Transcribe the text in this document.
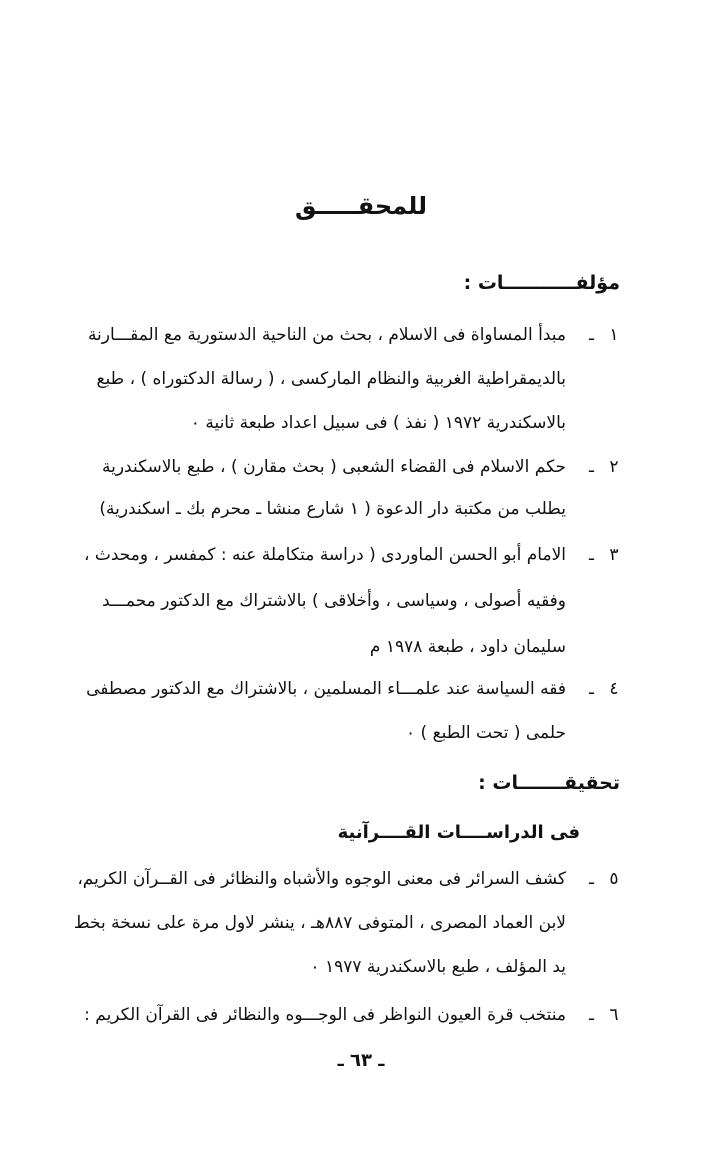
للمحقـــــق
مؤلفـــــــــــات :
١
ـ
مبدأ المساواة فى الاسلام ، بحث من الناحية الدستورية مع المقـــارنة
بالديمقراطية الغربية والنظام الماركسى ، ( رسالة الدكتوراه ) ، طبع
بالاسكندرية ١٩٧٢ ( نفذ ) فى سبيل اعداد طبعة ثانية ٠
٢
ـ
حكم الاسلام فى القضاء الشعبى ( بحث مقارن ) ، طبع بالاسكندرية
يطلب من مكتبة دار الدعوة ( ١ شارع منشا ـ محرم بك ـ اسكندرية)
٣
ـ
الامام أبو الحسن الماوردى ( دراسة متكاملة عنه : كمفسر ، ومحدث ،
وفقيه أصولى ، وسياسى ، وأخلاقى ) بالاشتراك مع الدكتور محمـــد
سليمان داود ، طبعة ١٩٧٨ م
٤
ـ
فقه السياسة عند علمـــاء المسلمين ، بالاشتراك مع الدكتور مصطفى
حلمى ( تحت الطبع ) ٠
تحقيقـــــــات :
فى الدراســــات القــــرآنية
٥
ـ
كشف السرائر فى معنى الوجوه والأشباه والنظائر فى القــرآن الكريم،
لابن العماد المصرى ، المتوفى ٨٨٧هـ ، ينشر لاول مرة على نسخة بخط
يد المؤلف ، طبع بالاسكندرية ١٩٧٧ ٠
٦
ـ
منتخب قرة العيون النواظر فى الوجـــوه والنظائر فى القرآن الكريم :
ـ ٦٣ ـ
